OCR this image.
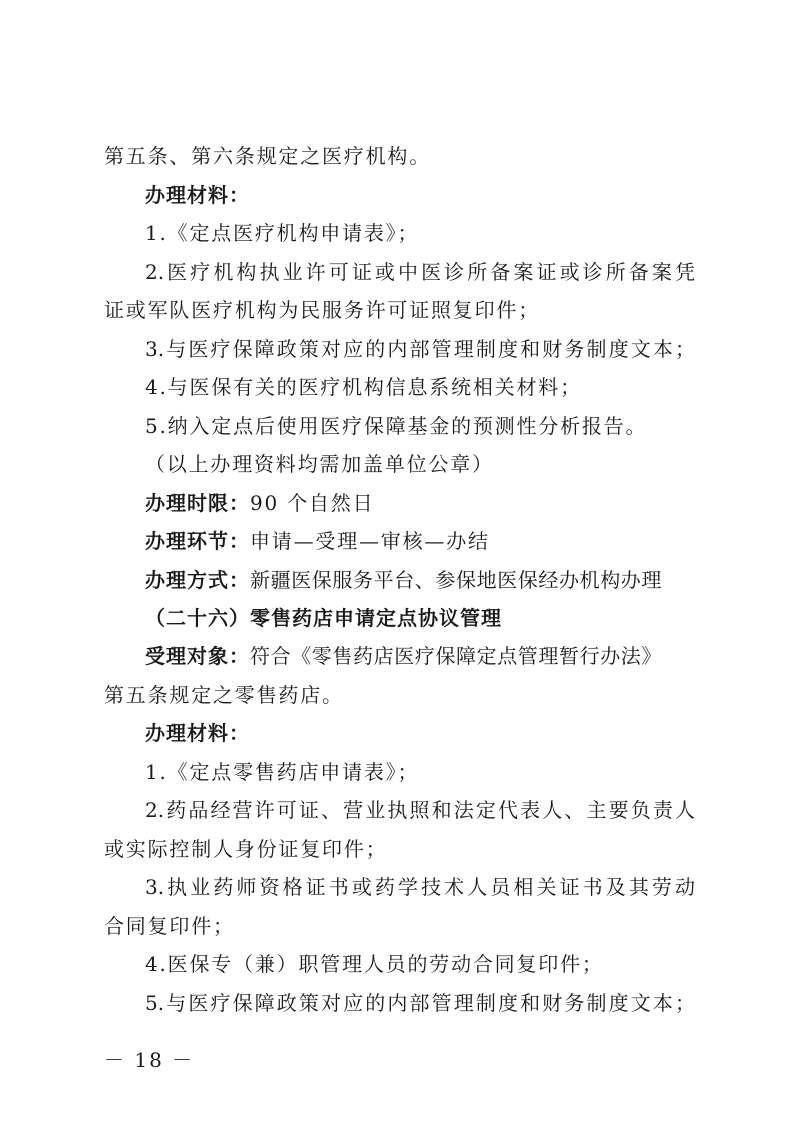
第五条、第六条规定之医疗机构。
办理材料：
1.《定点医疗机构申请表》；
2.医疗机构执业许可证或中医诊所备案证或诊所备案凭
证或军队医疗机构为民服务许可证照复印件；
3.与医疗保障政策对应的内部管理制度和财务制度文本；
4.与医保有关的医疗机构信息系统相关材料；
5.纳入定点后使用医疗保障基金的预测性分析报告。
（以上办理资料均需加盖单位公章）
办理时限：90 个自然日
办理环节：申请—受理—审核—办结
办理方式：新疆医保服务平台、参保地医保经办机构办理
（二十六）零售药店申请定点协议管理
受理对象：符合《零售药店医疗保障定点管理暂行办法》
第五条规定之零售药店。
办理材料：
1.《定点零售药店申请表》；
2.药品经营许可证、营业执照和法定代表人、主要负责人
或实际控制人身份证复印件；
3.执业药师资格证书或药学技术人员相关证书及其劳动
合同复印件；
4.医保专（兼）职管理人员的劳动合同复印件；
5.与医疗保障政策对应的内部管理制度和财务制度文本；
－ 18 －
